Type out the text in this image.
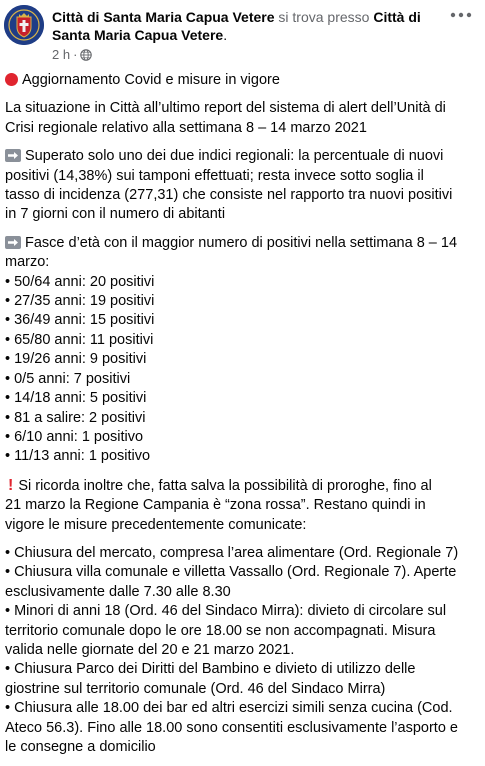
Città di Santa Maria Capua Vetere si trova presso Città di Santa Maria Capua Vetere.
2 h ·
Aggiornamento Covid e misure in vigore
La situazione in Città all’ultimo report del sistema di alert dell’Unità di
Crisi regionale relativo alla settimana 8 – 14 marzo 2021
Superato solo uno dei due indici regionali: la percentuale di nuovi
positivi (14,38%) sui tamponi effettuati; resta invece sotto soglia il
tasso di incidenza (277,31) che consiste nel rapporto tra nuovi positivi
in 7 giorni con il numero di abitanti
Fasce d’età con il maggior numero di positivi nella settimana 8 – 14
marzo:
• 50/64 anni: 20 positivi
• 27/35 anni: 19 positivi
• 36/49 anni: 15 positivi
• 65/80 anni: 11 positivi
• 19/26 anni: 9 positivi
• 0/5 anni: 7 positivi
• 14/18 anni: 5 positivi
• 81 a salire: 2 positivi
• 6/10 anni: 1 positivo
• 11/13 anni: 1 positivo
! Si ricorda inoltre che, fatta salva la possibilità di proroghe, fino al
21 marzo la Regione Campania è “zona rossa”. Restano quindi in
vigore le misure precedentemente comunicate:
• Chiusura del mercato, compresa l’area alimentare (Ord. Regionale 7)
• Chiusura villa comunale e villetta Vassallo (Ord. Regionale 7). Aperte
esclusivamente dalle 7.30 alle 8.30
• Minori di anni 18 (Ord. 46 del Sindaco Mirra): divieto di circolare sul
territorio comunale dopo le ore 18.00 se non accompagnati. Misura
valida nelle giornate del 20 e 21 marzo 2021.
• Chiusura Parco dei Diritti del Bambino e divieto di utilizzo delle
giostrine sul territorio comunale (Ord. 46 del Sindaco Mirra)
• Chiusura alle 18.00 dei bar ed altri esercizi simili senza cucina (Cod.
Ateco 56.3). Fino alle 18.00 sono consentiti esclusivamente l’asporto e
le consegne a domicilio
